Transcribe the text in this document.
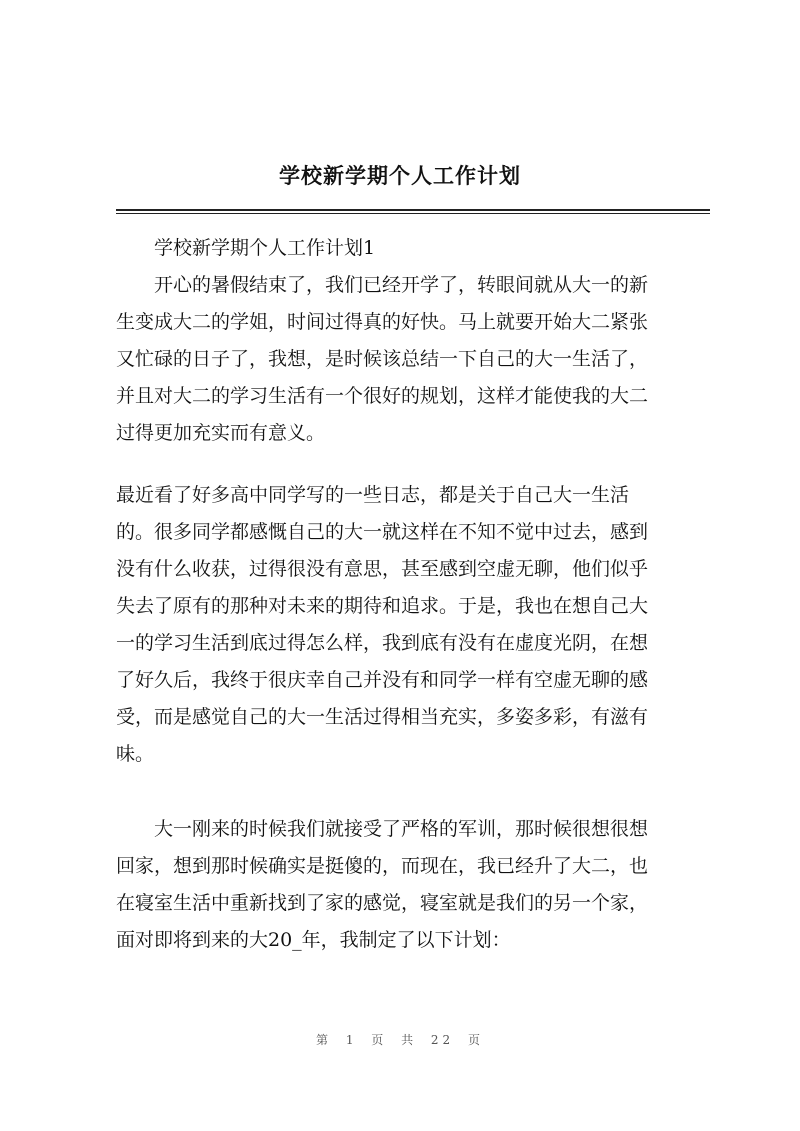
学校新学期个人工作计划
学校新学期个人工作计划1
开心的暑假结束了，我们已经开学了，转眼间就从大一的新
生变成大二的学姐，时间过得真的好快。马上就要开始大二紧张
又忙碌的日子了，我想，是时候该总结一下自己的大一生活了，
并且对大二的学习生活有一个很好的规划，这样才能使我的大二
过得更加充实而有意义。
最近看了好多高中同学写的一些日志，都是关于自己大一生活
的。很多同学都感慨自己的大一就这样在不知不觉中过去，感到
没有什么收获，过得很没有意思，甚至感到空虚无聊，他们似乎
失去了原有的那种对未来的期待和追求。于是，我也在想自己大
一的学习生活到底过得怎么样，我到底有没有在虚度光阴，在想
了好久后，我终于很庆幸自己并没有和同学一样有空虚无聊的感
受，而是感觉自己的大一生活过得相当充实，多姿多彩，有滋有
味。
大一刚来的时候我们就接受了严格的军训，那时候很想很想
回家，想到那时候确实是挺傻的，而现在，我已经升了大二，也
在寝室生活中重新找到了家的感觉，寝室就是我们的另一个家，
面对即将到来的大20_年，我制定了以下计划：
第 1 页 共 22 页
